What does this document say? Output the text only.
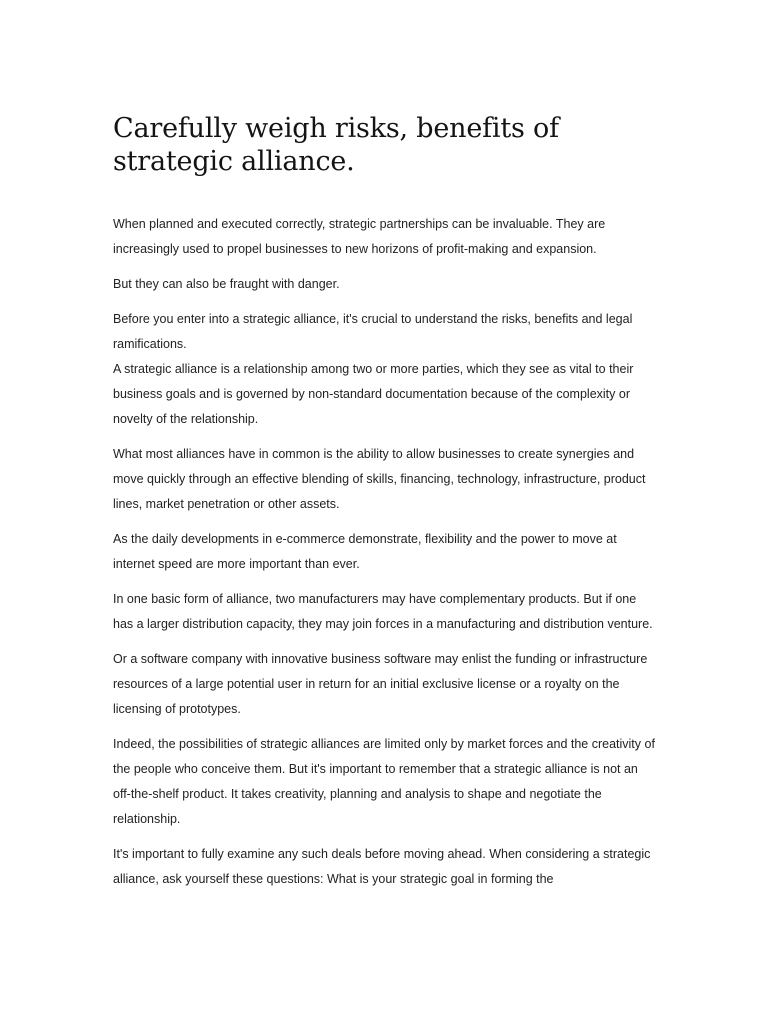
Carefully weigh risks, benefits of strategic alliance.

When planned and executed correctly, strategic partnerships can be invaluable. They are increasingly used to propel businesses to new horizons of profit-making and expansion.

But they can also be fraught with danger.

Before you enter into a strategic alliance, it's crucial to understand the risks, benefits and legal ramifications.

A strategic alliance is a relationship among two or more parties, which they see as vital to their business goals and is governed by non-standard documentation because of the complexity or novelty of the relationship.

What most alliances have in common is the ability to allow businesses to create synergies and move quickly through an effective blending of skills, financing, technology, infrastructure, product lines, market penetration or other assets.

As the daily developments in e-commerce demonstrate, flexibility and the power to move at internet speed are more important than ever.

In one basic form of alliance, two manufacturers may have complementary products. But if one has a larger distribution capacity, they may join forces in a manufacturing and distribution venture.

Or a software company with innovative business software may enlist the funding or infrastructure resources of a large potential user in return for an initial exclusive license or a royalty on the licensing of prototypes.

Indeed, the possibilities of strategic alliances are limited only by market forces and the creativity of the people who conceive them. But it's important to remember that a strategic alliance is not an off-the-shelf product. It takes creativity, planning and analysis to shape and negotiate the relationship.

It's important to fully examine any such deals before moving ahead. When considering a strategic alliance, ask yourself these questions: What is your strategic goal in forming the
